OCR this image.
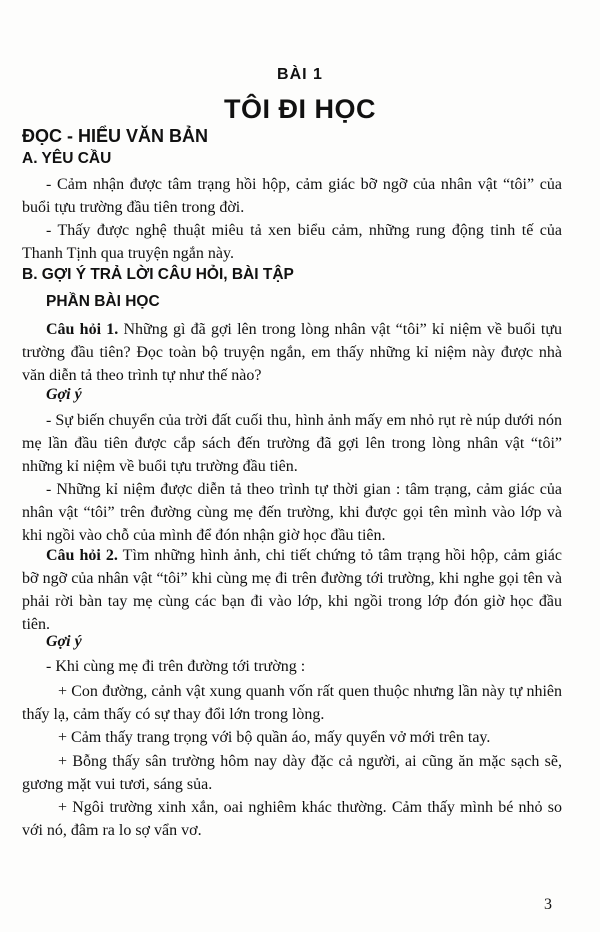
BÀI 1
TÔI ĐI HỌC
ĐỌC - HIỂU VĂN BẢN
A. YÊU CẦU
- Cảm nhận được tâm trạng hồi hộp, cảm giác bỡ ngỡ của nhân vật “tôi” của buổi tựu trường đầu tiên trong đời.
- Thấy được nghệ thuật miêu tả xen biểu cảm, những rung động tinh tế của Thanh Tịnh qua truyện ngắn này.
B. GỢI Ý TRẢ LỜI CÂU HỎI, BÀI TẬP
PHẦN BÀI HỌC
Câu hỏi 1. Những gì đã gợi lên trong lòng nhân vật “tôi” kỉ niệm về buổi tựu trường đầu tiên? Đọc toàn bộ truyện ngắn, em thấy những kỉ niệm này được nhà văn diễn tả theo trình tự như thế nào?
Gợi ý
- Sự biến chuyển của trời đất cuối thu, hình ảnh mấy em nhỏ rụt rè núp dưới nón mẹ lần đầu tiên được cắp sách đến trường đã gợi lên trong lòng nhân vật “tôi” những kỉ niệm về buổi tựu trường đầu tiên.
- Những kỉ niệm được diễn tả theo trình tự thời gian : tâm trạng, cảm giác của nhân vật “tôi” trên đường cùng mẹ đến trường, khi được gọi tên mình vào lớp và khi ngồi vào chỗ của mình để đón nhận giờ học đầu tiên.
Câu hỏi 2. Tìm những hình ảnh, chi tiết chứng tỏ tâm trạng hồi hộp, cảm giác bỡ ngỡ của nhân vật “tôi” khi cùng mẹ đi trên đường tới trường, khi nghe gọi tên và phải rời bàn tay mẹ cùng các bạn đi vào lớp, khi ngồi trong lớp đón giờ học đầu tiên.
Gợi ý
- Khi cùng mẹ đi trên đường tới trường :
+ Con đường, cảnh vật xung quanh vốn rất quen thuộc nhưng lần này tự nhiên thấy lạ, cảm thấy có sự thay đổi lớn trong lòng.
+ Cảm thấy trang trọng với bộ quần áo, mấy quyển vở mới trên tay.
+ Bỗng thấy sân trường hôm nay dày đặc cả người, ai cũng ăn mặc sạch sẽ, gương mặt vui tươi, sáng sủa.
+ Ngôi trường xinh xắn, oai nghiêm khác thường. Cảm thấy mình bé nhỏ so với nó, đâm ra lo sợ vẩn vơ.
3
